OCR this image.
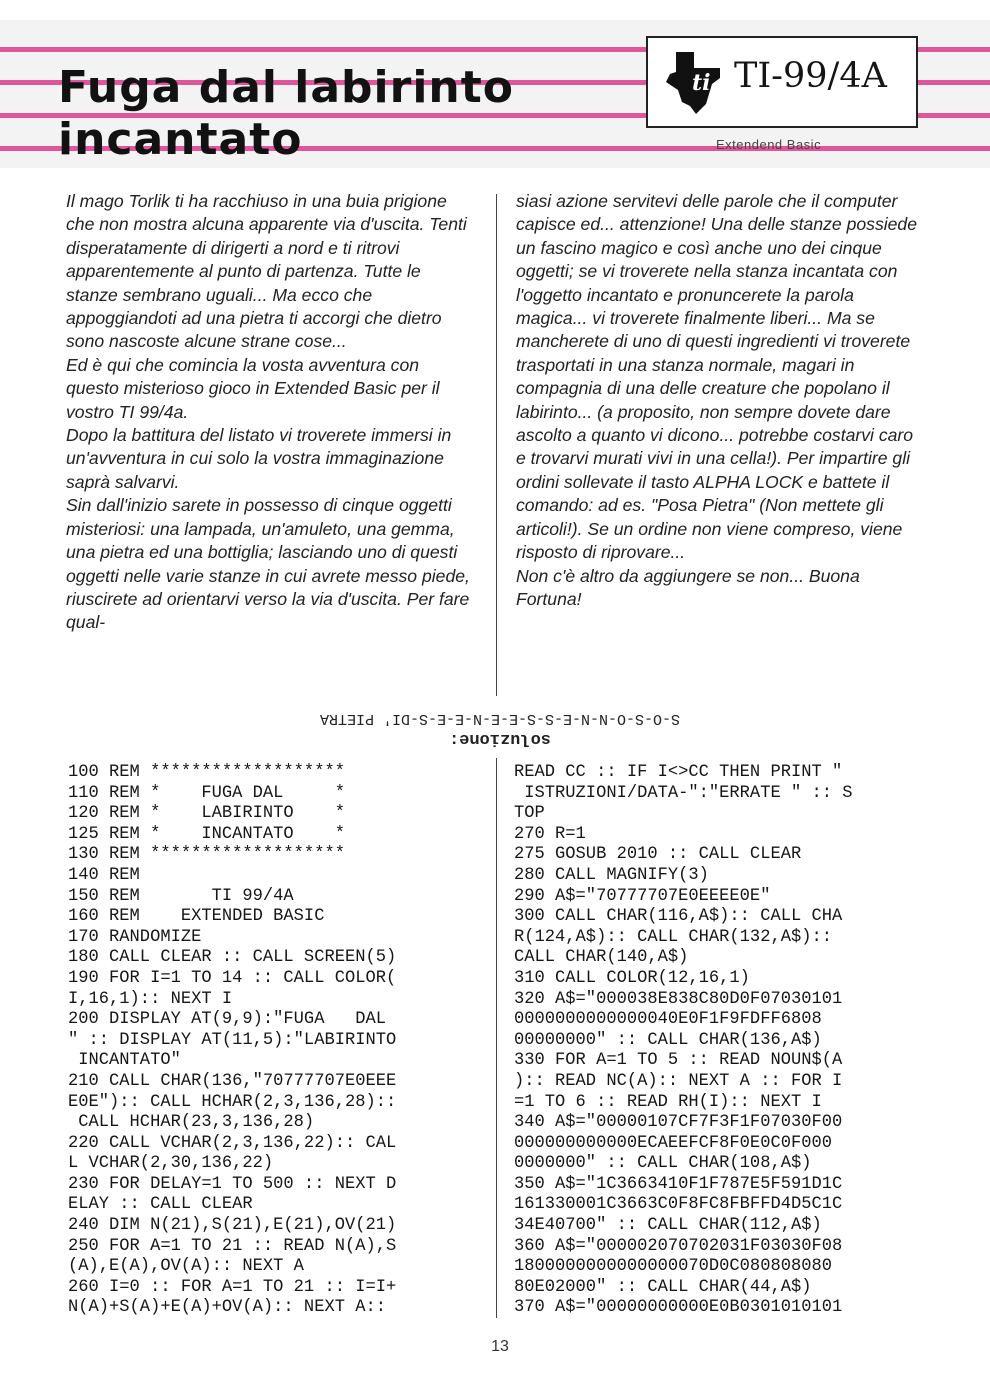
Fuga dal labirinto
incantato
ti TI-99/4A
Extendend Basic

Il mago Torlik ti ha racchiuso in una buia prigione che non mostra alcuna apparente via d'uscita. Tenti disperatamente di dirigerti a nord e ti ritrovi apparentemente al punto di partenza. Tutte le stanze sembrano uguali... Ma ecco che appoggiandoti ad una pietra ti accorgi che dietro sono nascoste alcune strane cose...

Ed è qui che comincia la vosta avventura con questo misterioso gioco in Extended Basic per il vostro TI 99/4a.

Dopo la battitura del listato vi troverete immersi in un'avventura in cui solo la vostra immaginazione saprà salvarvi.

Sin dall'inizio sarete in possesso di cinque oggetti misteriosi: una lampada, un'amuleto, una gemma, una pietra ed una bottiglia; lasciando uno di questi oggetti nelle varie stanze in cui avrete messo piede, riuscirete ad orientarvi verso la via d'uscita. Per fare qual-

siasi azione servitevi delle parole che il computer capisce ed... attenzione! Una delle stanze possiede un fascino magico e così anche uno dei cinque oggetti; se vi troverete nella stanza incantata con l'oggetto incantato e pronuncerete la parola magica... vi troverete finalmente liberi... Ma se mancherete di uno di questi ingredienti vi troverete trasportati in una stanza normale, magari in compagnia di una delle creature che popolano il labirinto... (a proposito, non sempre dovete dare ascolto a quanto vi dicono... potrebbe costarvi caro e trovarvi murati vivi in una cella!). Per impartire gli ordini sollevate il tasto ALPHA LOCK e battete il comando: ad es. "Posa Pietra" (Non mettete gli articoli!). Se un ordine non viene compreso, viene risposto di riprovare...

Non c'è altro da aggiungere se non... Buona Fortuna!

soluzione:
S-O-S-O-N-N-E-S-S-E-E-N-E-E-S-DI' PIETRA
100 REM *******************
110 REM *    FUGA DAL     *
120 REM *    LABIRINTO    *
125 REM *    INCANTATO    *
130 REM *******************
140 REM
150 REM       TI 99/4A
160 REM    EXTENDED BASIC
170 RANDOMIZE
180 CALL CLEAR :: CALL SCREEN(5)
190 FOR I=1 TO 14 :: CALL COLOR(
I,16,1):: NEXT I
200 DISPLAY AT(9,9):"FUGA   DAL
" :: DISPLAY AT(11,5):"LABIRINTO
INCANTATO"
210 CALL CHAR(136,"70777707E0EEE
E0E"):: CALL HCHAR(2,3,136,28)::
CALL HCHAR(23,3,136,28)
220 CALL VCHAR(2,3,136,22):: CAL
L VCHAR(2,30,136,22)
230 FOR DELAY=1 TO 500 :: NEXT D
ELAY :: CALL CLEAR
240 DIM N(21),S(21),E(21),OV(21)
250 FOR A=1 TO 21 :: READ N(A),S
(A),E(A),OV(A):: NEXT A
260 I=0 :: FOR A=1 TO 21 :: I=I+
N(A)+S(A)+E(A)+OV(A):: NEXT A::
READ CC :: IF I<>CC THEN PRINT "
ISTRUZIONI/DATA-":"ERRATE " :: S
TOP
270 R=1
275 GOSUB 2010 :: CALL CLEAR
280 CALL MAGNIFY(3)
290 A$="70777707E0EEEE0E"
300 CALL CHAR(116,A$):: CALL CHA
R(124,A$):: CALL CHAR(132,A$)::
CALL CHAR(140,A$)
310 CALL COLOR(12,16,1)
320 A$="000038E838C80D0F07030101
0000000000000040E0F1F9FDFF6808
00000000" :: CALL CHAR(136,A$)
330 FOR A=1 TO 5 :: READ NOUN$(A
):: READ NC(A):: NEXT A :: FOR I
=1 TO 6 :: READ RH(I):: NEXT I
340 A$="00000107CF7F3F1F07030F00
000000000000ECAEEFCF8F0E0C0F000
0000000" :: CALL CHAR(108,A$)
350 A$="1C3663410F1F787E5F591D1C
161330001C3663C0F8FC8FBFFD4D5C1C
34E40700" :: CALL CHAR(112,A$)
360 A$="000002070702031F03030F08
1800000000000000070D0C080808080
80E02000" :: CALL CHAR(44,A$)
370 A$="00000000000E0B0301010101
13
